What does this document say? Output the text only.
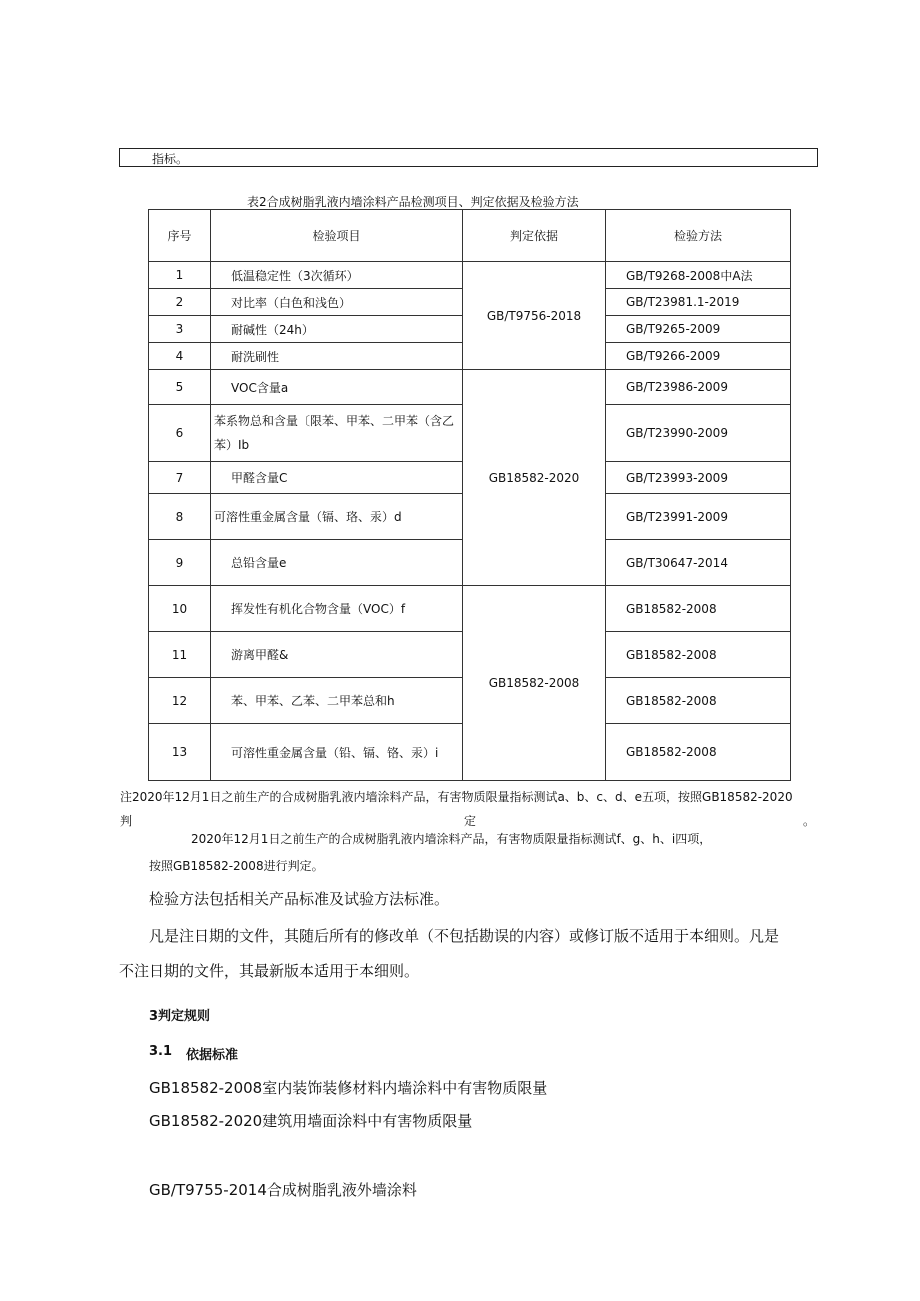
指标。
表2合成树脂乳液内墙涂料产品检测项目、判定依据及检验方法
序号	检验项目	判定依据	检验方法
1	低温稳定性（3次循环）	GB/T9756-2018	GB/T9268-2008中A法
2	对比率（白色和浅色）		GB/T23981.1-2019
3	耐碱性（24h）		GB/T9265-2009
4	耐洗刷性		GB/T9266-2009
5	VOC含量a	GB18582-2020	GB/T23986-2009
6	苯系物总和含量〔限苯、甲苯、二甲苯（含乙
苯）Ib		GB/T23990-2009
7	甲醛含量C		GB/T23993-2009
8	可溶性重金属含量（镉、珞、汞）d		GB/T23991-2009
9	总铅含量e		GB/T30647-2014
10	挥发性有机化合物含量（VOC）f	GB18582-2008	GB18582-2008
11	游离甲醛&		GB18582-2008
12	苯、甲苯、乙苯、二甲苯总和h		GB18582-2008
13	可溶性重金属含量（铅、镉、铬、汞）i		GB18582-2008
注2020年12月1日之前生产的合成树脂乳液内墙涂料产品，有害物质限量指标测试a、b、c、d、e五项，按照GB18582-2020
判	定	。
2020年12月1日之前生产的合成树脂乳液内墙涂料产品，有害物质限量指标测试f、g、h、i四项，
按照GB18582-2008进行判定。
检验方法包括相关产品标准及试验方法标准。
凡是注日期的文件，其随后所有的修改单（不包括勘误的内容）或修订版不适用于本细则。凡是
不注日期的文件，其最新版本适用于本细则。
3判定规则
3.1 依据标准
GB18582-2008室内装饰装修材料内墙涂料中有害物质限量
GB18582-2020建筑用墙面涂料中有害物质限量
GB/T9755-2014合成树脂乳液外墙涂料
